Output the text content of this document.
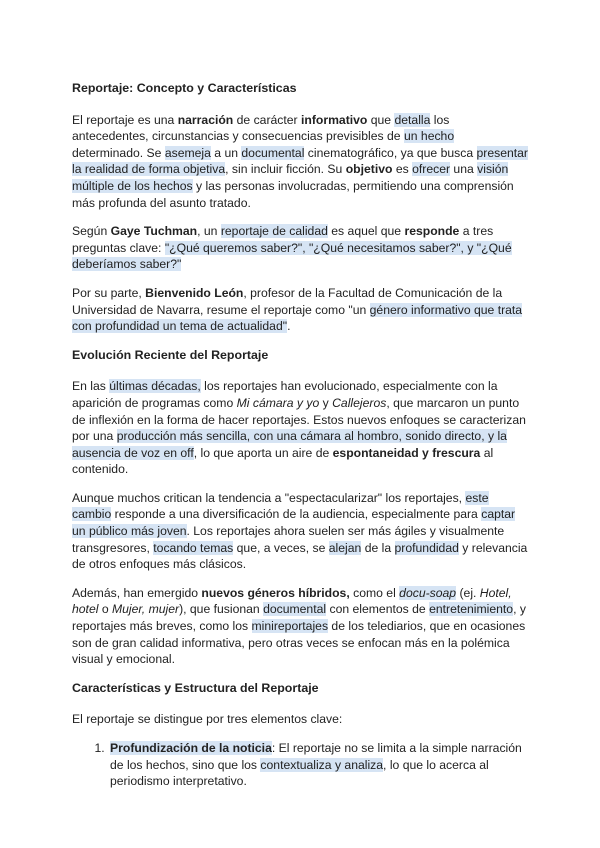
Reportaje: Concepto y Características

El reportaje es una narración de carácter informativo que detalla los antecedentes, circunstancias y consecuencias previsibles de un hecho determinado. Se asemeja a un documental cinematográfico, ya que busca presentar la realidad de forma objetiva, sin incluir ficción. Su objetivo es ofrecer una visión múltiple de los hechos y las personas involucradas, permitiendo una comprensión más profunda del asunto tratado.

Según Gaye Tuchman, un reportaje de calidad es aquel que responde a tres preguntas clave: "¿Qué queremos saber?", "¿Qué necesitamos saber?", y "¿Qué deberíamos saber?"

Por su parte, Bienvenido León, profesor de la Facultad de Comunicación de la Universidad de Navarra, resume el reportaje como "un género informativo que trata con profundidad un tema de actualidad".

Evolución Reciente del Reportaje

En las últimas décadas, los reportajes han evolucionado, especialmente con la aparición de programas como Mi cámara y yo y Callejeros, que marcaron un punto de inflexión en la forma de hacer reportajes. Estos nuevos enfoques se caracterizan por una producción más sencilla, con una cámara al hombro, sonido directo, y la ausencia de voz en off, lo que aporta un aire de espontaneidad y frescura al contenido.

Aunque muchos critican la tendencia a "espectacularizar" los reportajes, este cambio responde a una diversificación de la audiencia, especialmente para captar un público más joven. Los reportajes ahora suelen ser más ágiles y visualmente transgresores, tocando temas que, a veces, se alejan de la profundidad y relevancia de otros enfoques más clásicos.

Además, han emergido nuevos géneros híbridos, como el docu-soap (ej. Hotel, hotel o Mujer, mujer), que fusionan documental con elementos de entretenimiento, y reportajes más breves, como los minireportajes de los telediarios, que en ocasiones son de gran calidad informativa, pero otras veces se enfocan más en la polémica visual y emocional.

Características y Estructura del Reportaje

El reportaje se distingue por tres elementos clave:

1. Profundización de la noticia: El reportaje no se limita a la simple narración de los hechos, sino que los contextualiza y analiza, lo que lo acerca al periodismo interpretativo.
